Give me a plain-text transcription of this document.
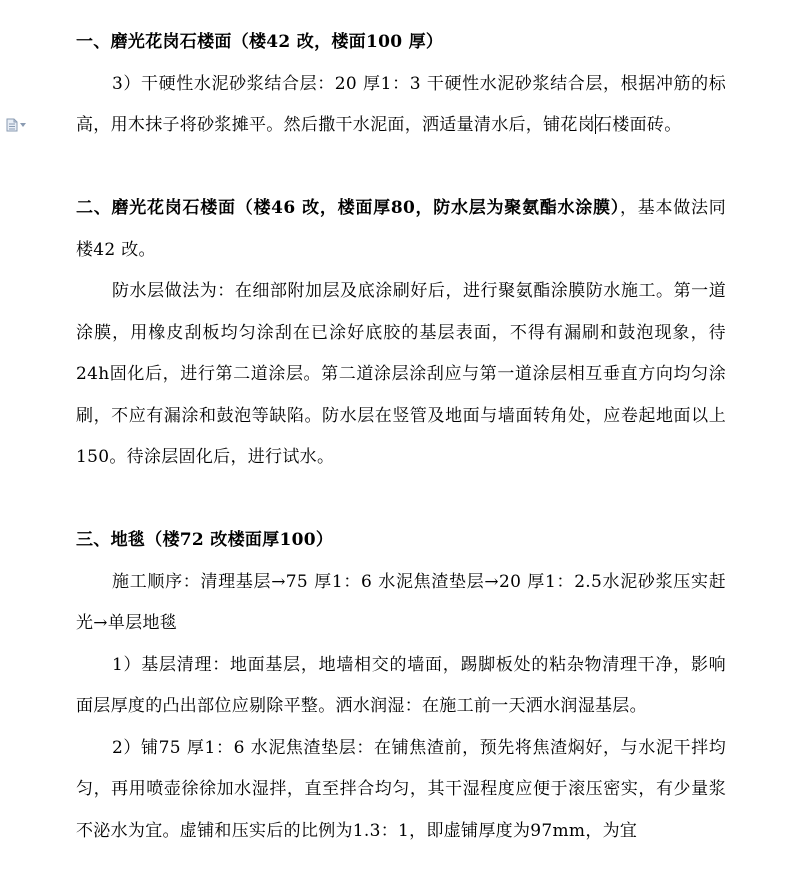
一、磨光花岗石楼面（楼42 改，楼面100 厚）

3）干硬性水泥砂浆结合层：20 厚1：3 干硬性水泥砂浆结合层，根据冲筋的标高，用木抹子将砂浆摊平。然后撒干水泥面，洒适量清水后，铺花岗石楼面砖。

二、磨光花岗石楼面（楼46 改，楼面厚80，防水层为聚氨酯水涂膜），基本做法同楼42 改。

防水层做法为：在细部附加层及底涂刷好后，进行聚氨酯涂膜防水施工。第一道涂膜，用橡皮刮板均匀涂刮在已涂好底胶的基层表面，不得有漏刷和鼓泡现象，待24h固化后，进行第二道涂层。第二道涂层涂刮应与第一道涂层相互垂直方向均匀涂刷，不应有漏涂和鼓泡等缺陷。防水层在竖管及地面与墙面转角处，应卷起地面以上150。待涂层固化后，进行试水。

三、地毯（楼72 改楼面厚100）

施工顺序：清理基层→75 厚1：6 水泥焦渣垫层→20 厚1：2.5水泥砂浆压实赶光→单层地毯

1）基层清理：地面基层，地墙相交的墙面，踢脚板处的粘杂物清理干净，影响面层厚度的凸出部位应剔除平整。洒水润湿：在施工前一天洒水润湿基层。

2）铺75 厚1：6 水泥焦渣垫层：在铺焦渣前，预先将焦渣焖好，与水泥干拌均匀，再用喷壶徐徐加水湿拌，直至拌合均匀，其干湿程度应便于滚压密实，有少量浆不泌水为宜。虚铺和压实后的比例为1.3：1，即虚铺厚度为97mm，为宜
